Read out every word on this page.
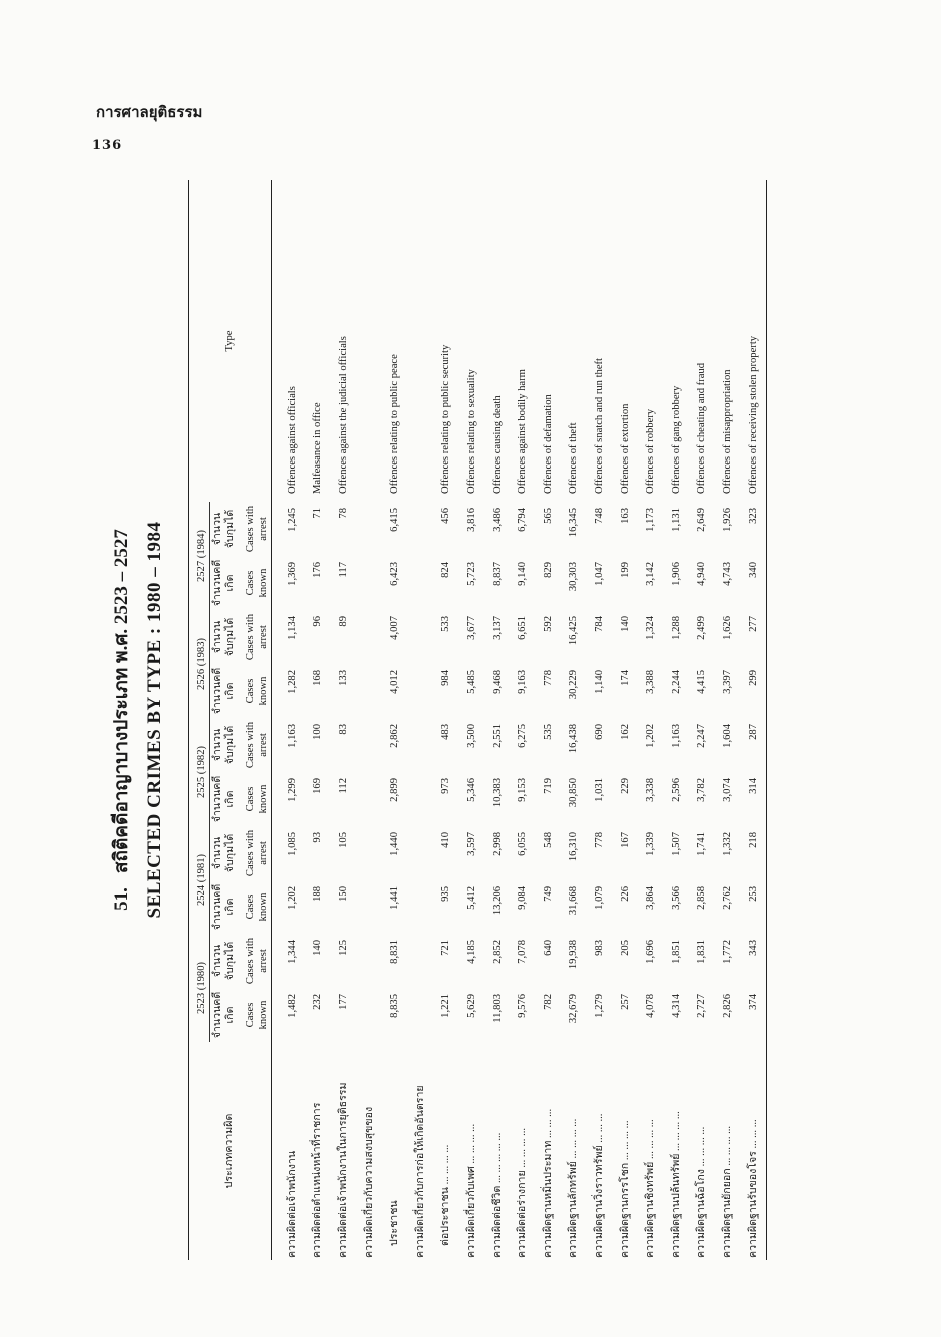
การศาลยุติธรรม
136
51.สถิติคดีอาญาบางประเภท พ.ศ. 2523 – 2527 SELECTED CRIMES BY TYPE : 1980 – 1984
ประเภทความผิด	2523 (1980)		2524 (1981)		2525 (1982)		2526 (1983)		2527 (1984)		Type

	จำนวนคดีเกิด Cases known	จำนวนจับกุมได้ Cases with arrest	จำนวนคดีเกิด Cases known	จำนวนจับกุมได้ Cases with arrest	จำนวนคดีเกิด Cases known	จำนวนจับกุมได้ Cases with arrest	จำนวนคดีเกิด Cases known	จำนวนจับกุมได้ Cases with arrest	จำนวนคดีเกิด Cases known	จำนวนจับกุมได้ Cases with arrest	

ความผิดต่อเจ้าพนักงาน	1,482	1,344	1,202	1,085	1,299	1,163	1,282	1,134	1,369	1,245	Offences against officials
ความผิดต่อตำแหน่งหน้าที่ราชการ	232	140	188	93	169	100	168	96	176	71	Malfeasance in office
ความผิดต่อเจ้าพนักงานในการยุติธรรม	177	125	150	105	112	83	133	89	117	78	Offences against the judicial officials
ความผิดเกี่ยวกับความสงบสุขของ											
ประชาชน	8,835	8,831	1,441	1,440	2,899	2,862	4,012	4,007	6,423	6,415	Offences relating to public peace
ความผิดเกี่ยวกับการก่อให้เกิดอันตราย											
ต่อประชาชน ... ... ... ...	1,221	721	935	410	973	483	984	533	824	456	Offences relating to public security
ความผิดเกี่ยวกับเพศ ... ... ... ...	5,629	4,185	5,412	3,597	5,346	3,500	5,485	3,677	5,723	3,816	Offences relating to sexuality
ความผิดต่อชีวิต ... ... ... ... ...	11,803	2,852	13,206	2,998	10,383	2,551	9,468	3,137	8,837	3,486	Offences causing death
ความผิดต่อร่างกาย ... ... ... ...	9,576	7,078	9,084	6,055	9,153	6,275	9,163	6,651	9,140	6,794	Offences against bodily harm
ความผิดฐานหมิ่นประมาท ... ... ...	782	640	749	548	719	535	778	592	829	565	Offences of defamation
ความผิดฐานลักทรัพย์ ... ... ... ...	32,679	19,938	31,668	16,310	30,850	16,438	30,229	16,425	30,303	16,345	Offences of theft
ความผิดฐานวิ่งราวทรัพย์ ... ... ...	1,279	983	1,079	778	1,031	690	1,140	784	1,047	748	Offences of snatch and run theft
ความผิดฐานกรรโชก ... ... ... ...	257	205	226	167	229	162	174	140	199	163	Offences of extortion
ความผิดฐานชิงทรัพย์ ... ... ... ...	4,078	1,696	3,864	1,339	3,338	1,202	3,388	1,324	3,142	1,173	Offences of robbery
ความผิดฐานปล้นทรัพย์ ... ... ... ...	4,314	1,851	3,566	1,507	2,596	1,163	2,244	1,288	1,906	1,131	Offences of gang robbery
ความผิดฐานฉ้อโกง ... ... ... ...	2,727	1,831	2,858	1,741	3,782	2,247	4,415	2,499	4,940	2,649	Offences of cheating and fraud
ความผิดฐานยักยอก ... ... ... ...	2,826	1,772	2,762	1,332	3,074	1,604	3,397	1,626	4,743	1,926	Offences of misappropriation
ความผิดฐานรับของโจร ... ... ...	374	343	253	218	314	287	299	277	340	323	Offences of receiving stolen property
